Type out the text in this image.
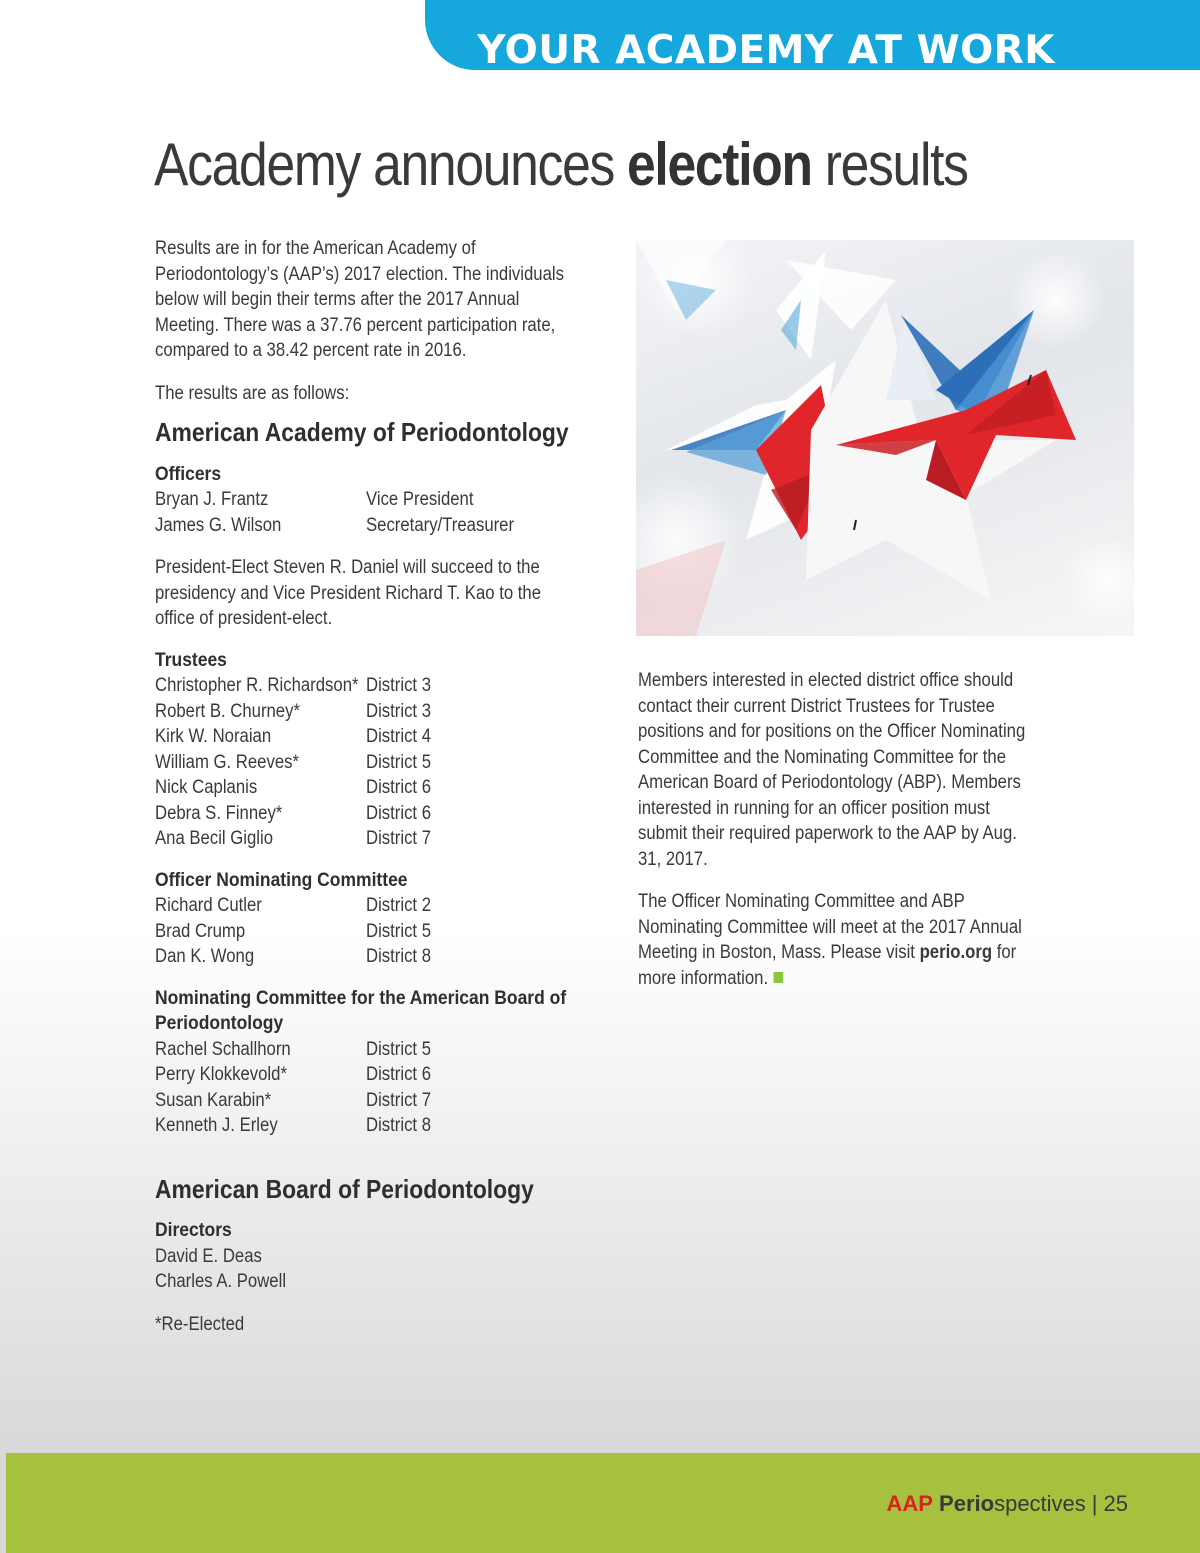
YOUR ACADEMY AT WORK
Academy announces election results

Results are in for the American Academy of Periodontology’s (AAP’s) 2017 election. The individuals below will begin their terms after the 2017 Annual Meeting. There was a 37.76 percent participation rate, compared to a 38.42 percent rate in 2016.

The results are as follows:

American Academy of Periodontology
Officers
Bryan J. Frantz	Vice President
James G. Wilson	Secretary/Treasurer

President-Elect Steven R. Daniel will succeed to the presidency and Vice President Richard T. Kao to the office of president-elect.

Trustees
Christopher R. Richardson* District 3
Robert B. Churney*	District 3
Kirk W. Noraian	District 4
William G. Reeves*	District 5
Nick Caplanis	District 6
Debra S. Finney*	District 6
Ana Becil Giglio	District 7
Officer Nominating Committee
Richard Cutler	District 2
Brad Crump	District 5
Dan K. Wong	District 8
Nominating Committee for the American Board of Periodontology
Rachel Schallhorn	District 5
Perry Klokkevold*	District 6
Susan Karabin*	District 7
Kenneth J. Erley	District 8
American Board of Periodontology
Directors
David E. Deas
Charles A. Powell

*Re-Elected

Members interested in elected district office should contact their current District Trustees for Trustee positions and for positions on the Officer Nominating Committee and the Nominating Committee for the American Board of Periodontology (ABP). Members interested in running for an officer position must submit their required paperwork to the AAP by Aug. 31, 2017.

The Officer Nominating Committee and ABP Nominating Committee will meet at the 2017 Annual Meeting in Boston, Mass. Please visit perio.org for more information.

AAP Periospectives | 25
